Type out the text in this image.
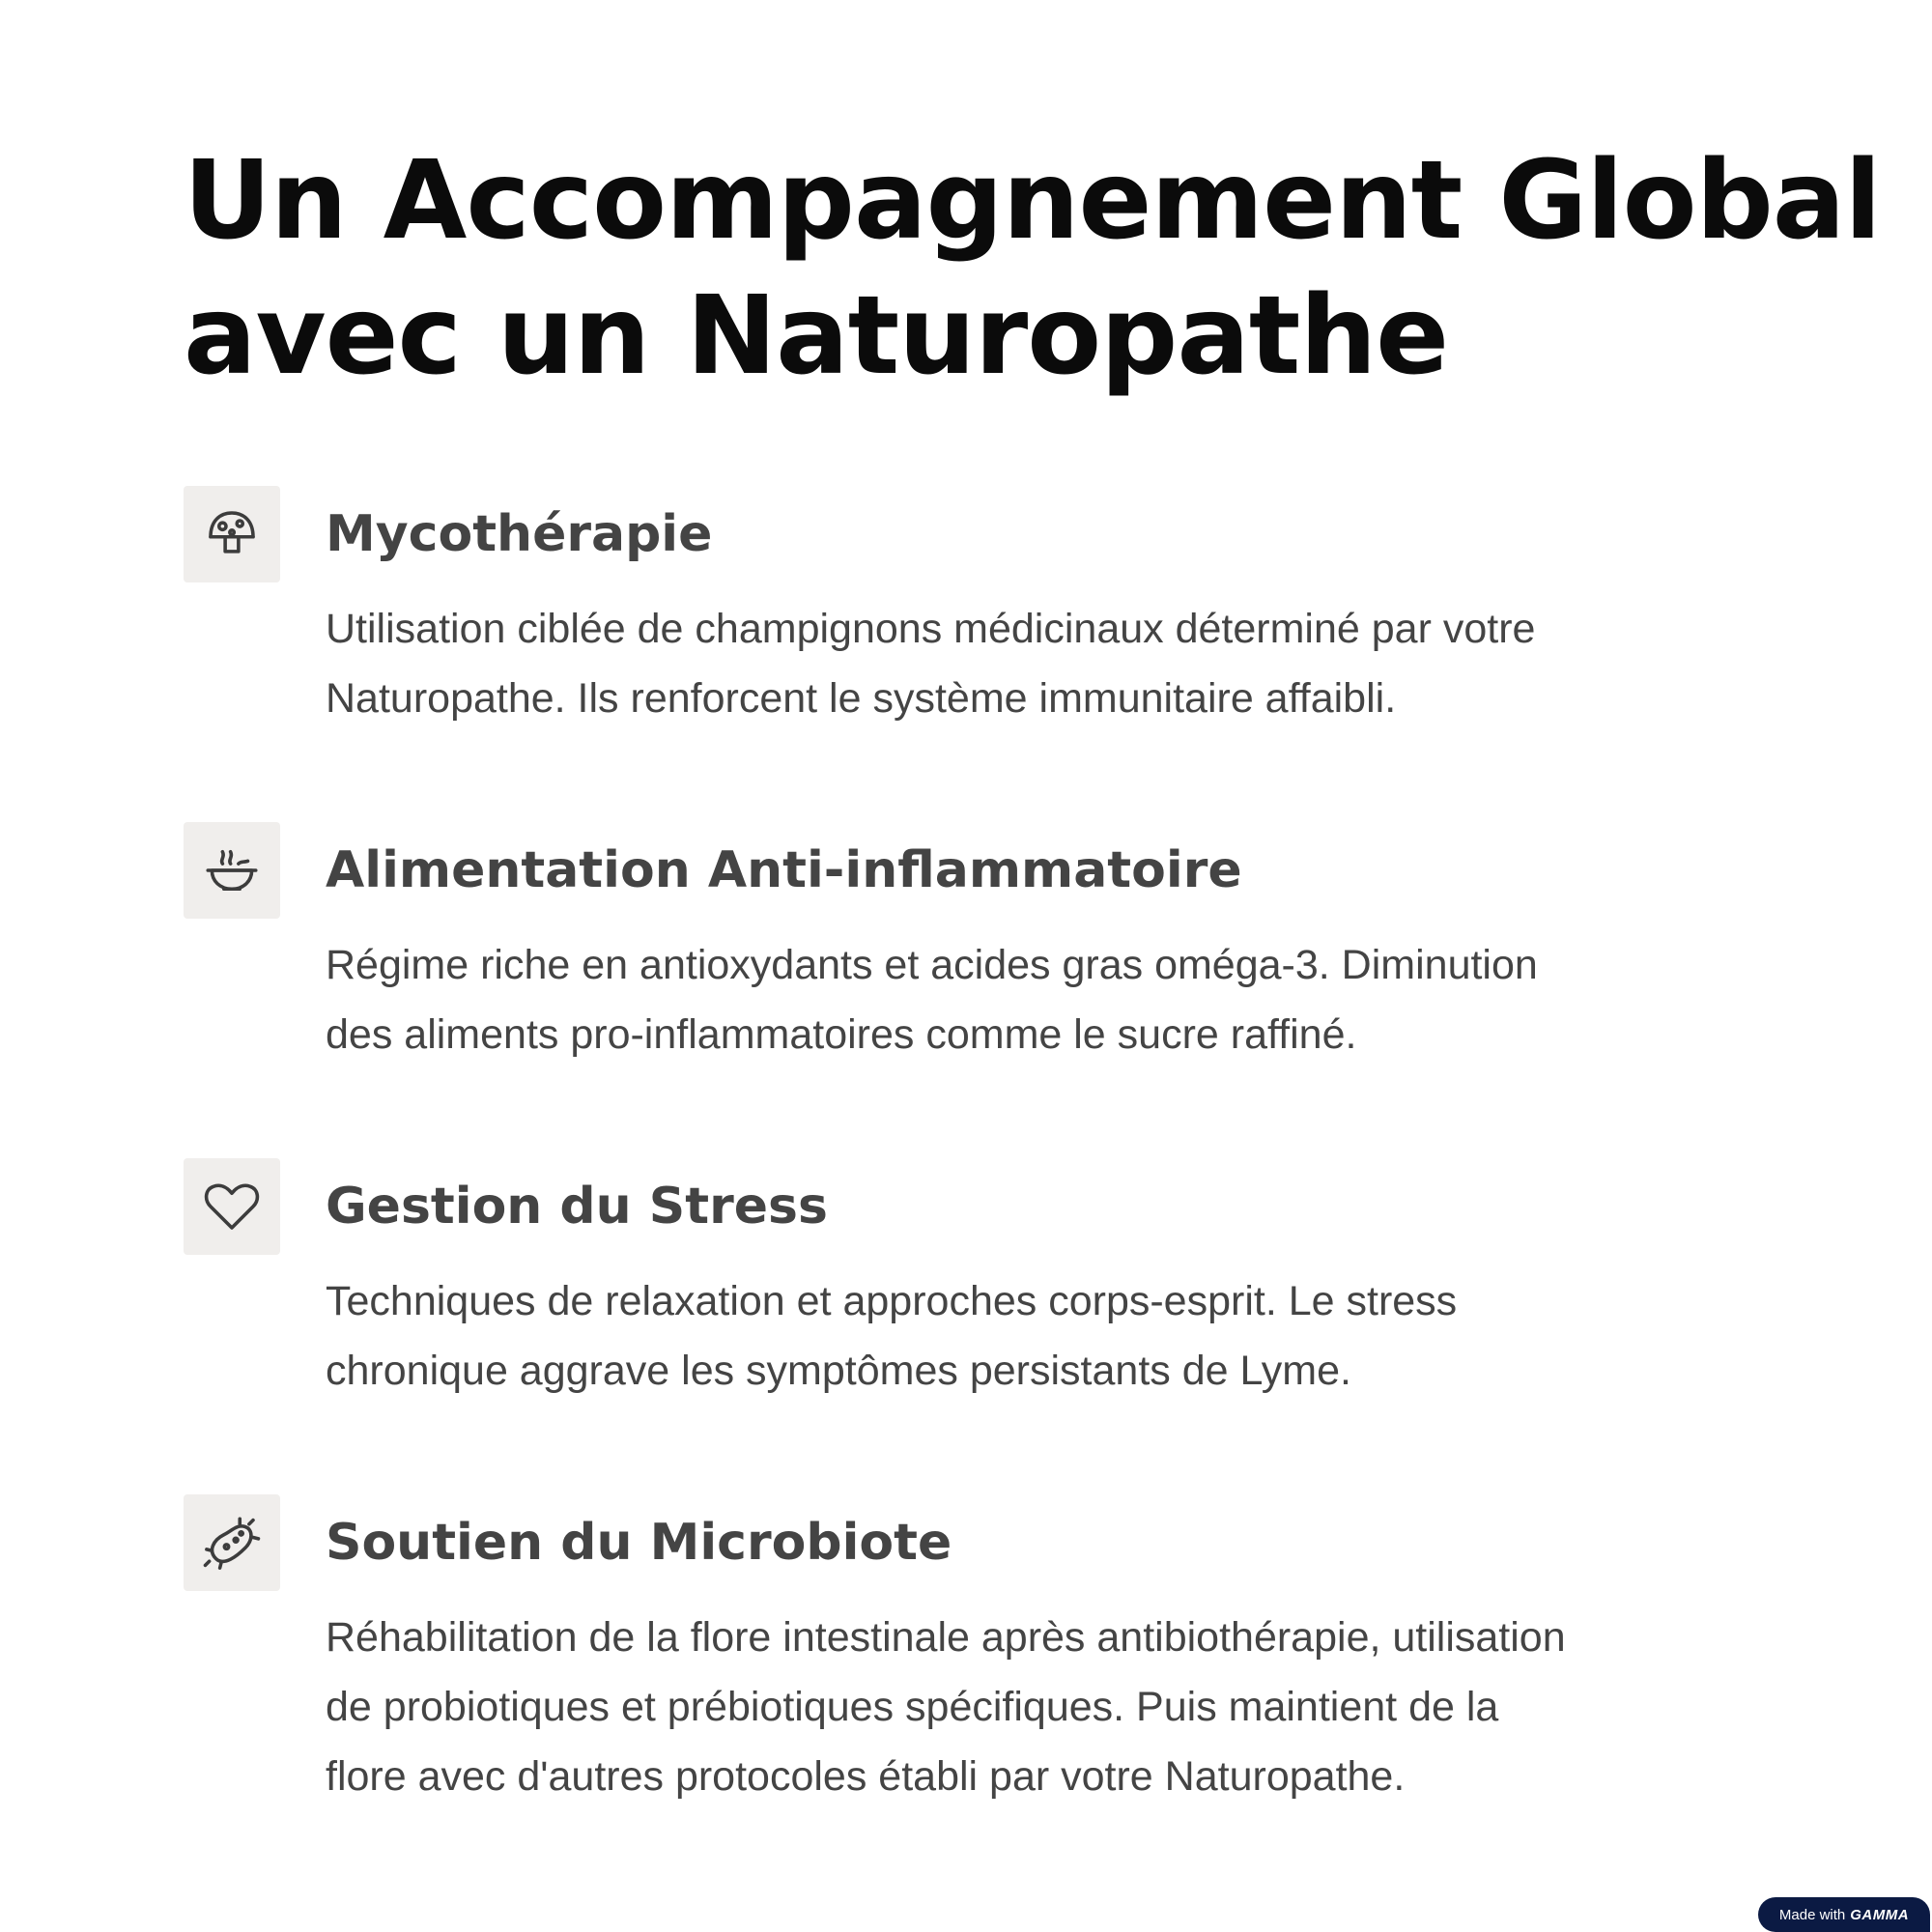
Un Accompagnement Global
avec un Naturopathe
Mycothérapie

Utilisation ciblée de champignons médicinaux déterminé par votre
Naturopathe. Ils renforcent le système immunitaire affaibli.

Alimentation Anti-inflammatoire

Régime riche en antioxydants et acides gras oméga-3. Diminution
des aliments pro-inflammatoires comme le sucre raffiné.

Gestion du Stress

Techniques de relaxation et approches corps-esprit. Le stress
chronique aggrave les symptômes persistants de Lyme.

Soutien du Microbiote

Réhabilitation de la flore intestinale après antibiothérapie, utilisation
de probiotiques et prébiotiques spécifiques. Puis maintient de la
flore avec d'autres protocoles établi par votre Naturopathe.

Made with GAMMA
